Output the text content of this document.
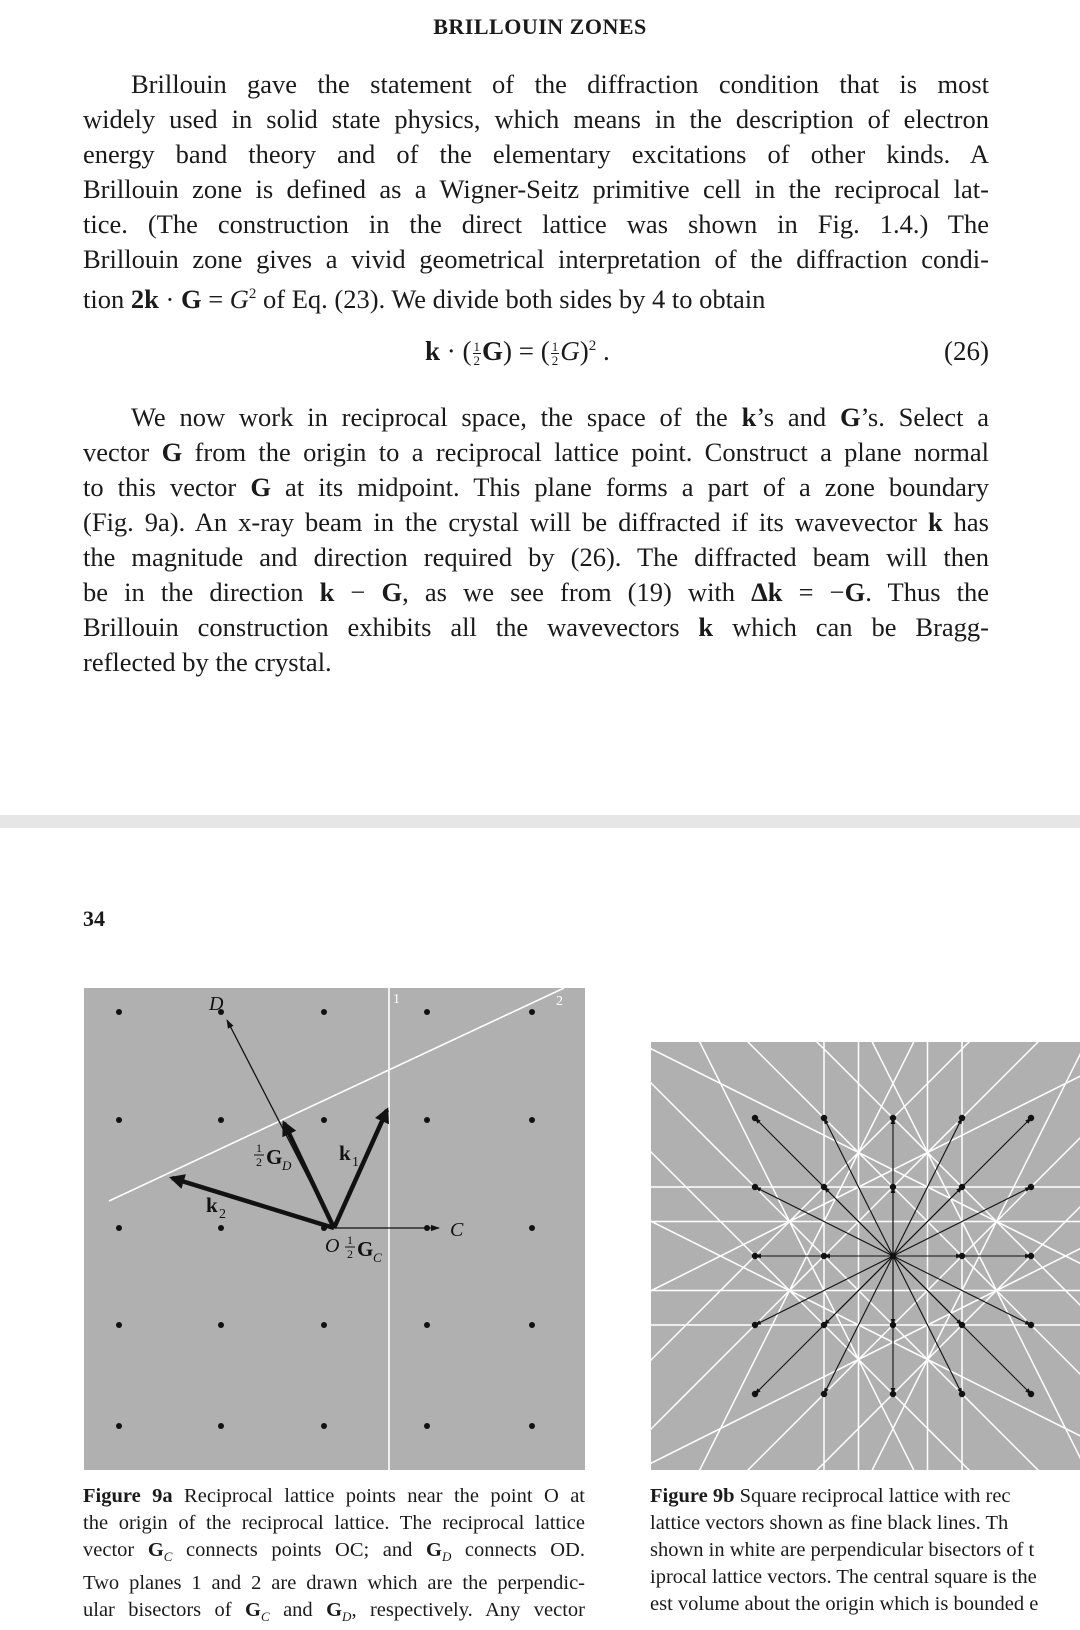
BRILLOUIN ZONES
Brillouin gave the statement of the diffraction condition that is most
widely used in solid state physics, which means in the description of electron
energy band theory and of the elementary excitations of other kinds. A
Brillouin zone is defined as a Wigner-Seitz primitive cell in the reciprocal lat-
tice. (The construction in the direct lattice was shown in Fig. 1.4.) The
Brillouin zone gives a vivid geometrical interpretation of the diffraction condi-
tion $2k \cdot G = G^2$ of Eq. (23). We divide both sides by 4 to obtain
k · ( $\frac{1}{2} G$) = ( $\frac{1}{2} G)^2$ .	(26)
We now work in reciprocal space, the space of the k’s and G’s. Select a
vector G from the origin to a reciprocal lattice point. Construct a plane normal
to this vector G at its midpoint. This plane forms a part of a zone boundary
(Fig. 9a). An x-ray beam in the crystal will be diffracted if its wavevector k has
the magnitude and direction required by (26). The diffracted beam will then
be in the direction k − G, as we see from (19) with Δk = −G. Thus the
Brillouin construction exhibits all the wavevectors k which can be Bragg-
reflected by the crystal.
34
D
C
O
1	2
k 1
k 2
1
2 G D
1
2 G C
Figure 9a Reciprocal lattice points near the point O at
the origin of the reciprocal lattice. The reciprocal lattice
vector $G_C$ connects points OC; and $G_D$ connects OD.
Two planes 1 and 2 are drawn which are the perpendic-
ular bisectors of $G_C$ and $G_D$, respectively. Any vector
Figure 9b Square reciprocal lattice with rec
lattice vectors shown as fine black lines. Th
shown in white are perpendicular bisectors of t
iprocal lattice vectors. The central square is the
est volume about the origin which is bounded e
